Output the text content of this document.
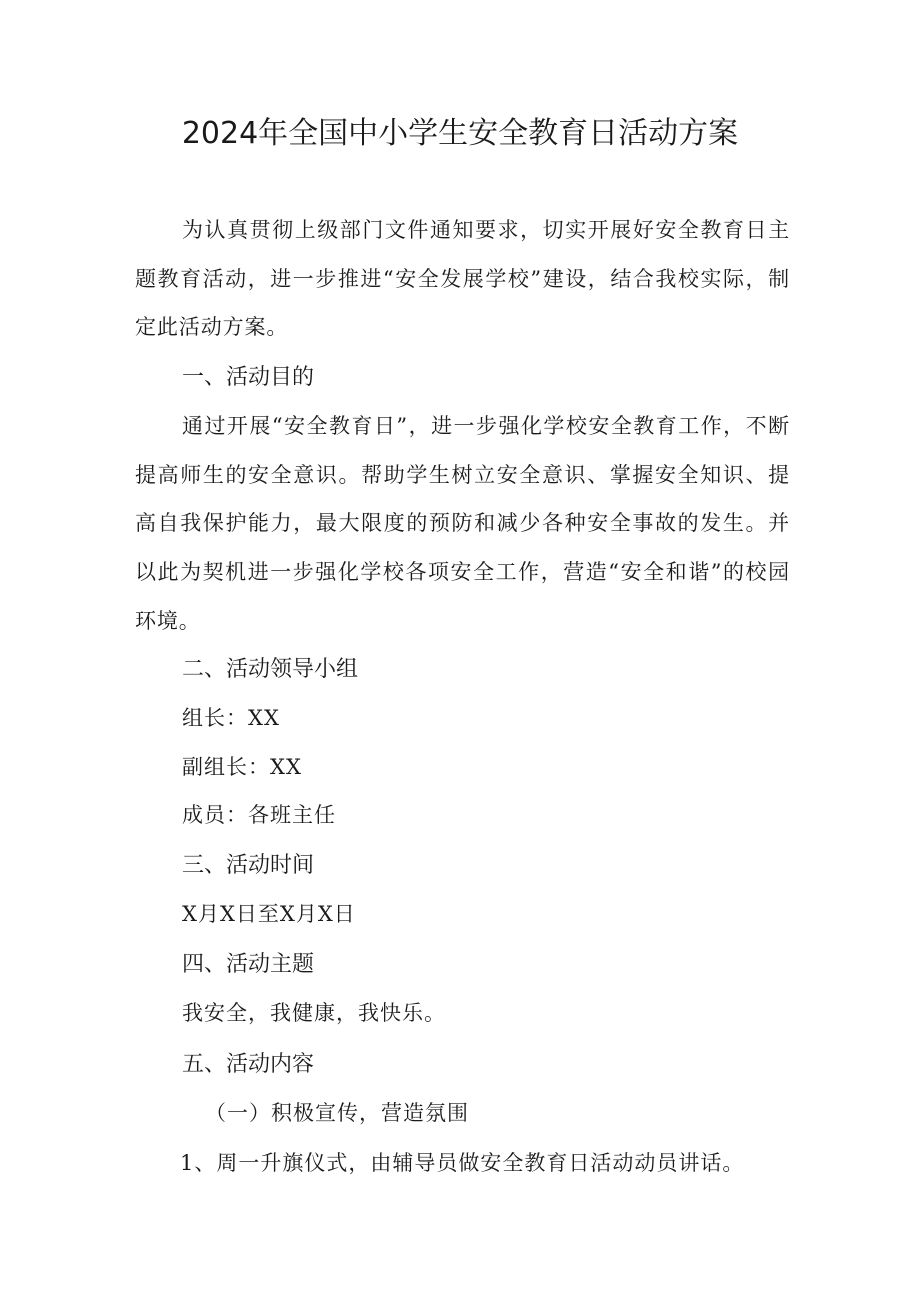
2024年全国中小学生安全教育日活动方案

为认真贯彻上级部门文件通知要求，切实开展好安全教育日主题教育活动，进一步推进“安全发展学校”建设，结合我校实际，制定此活动方案。

一、活动目的

通过开展“安全教育日”，进一步强化学校安全教育工作，不断提高师生的安全意识。帮助学生树立安全意识、掌握安全知识、提高自我保护能力，最大限度的预防和减少各种安全事故的发生。并以此为契机进一步强化学校各项安全工作，营造“安全和谐”的校园环境。

二、活动领导小组
组长：XX
副组长：XX
成员：各班主任
三、活动时间
X月X日至X月X日
四、活动主题
我安全，我健康，我快乐。
五、活动内容
（一）积极宣传，营造氛围
1、周一升旗仪式，由辅导员做安全教育日活动动员讲话。
